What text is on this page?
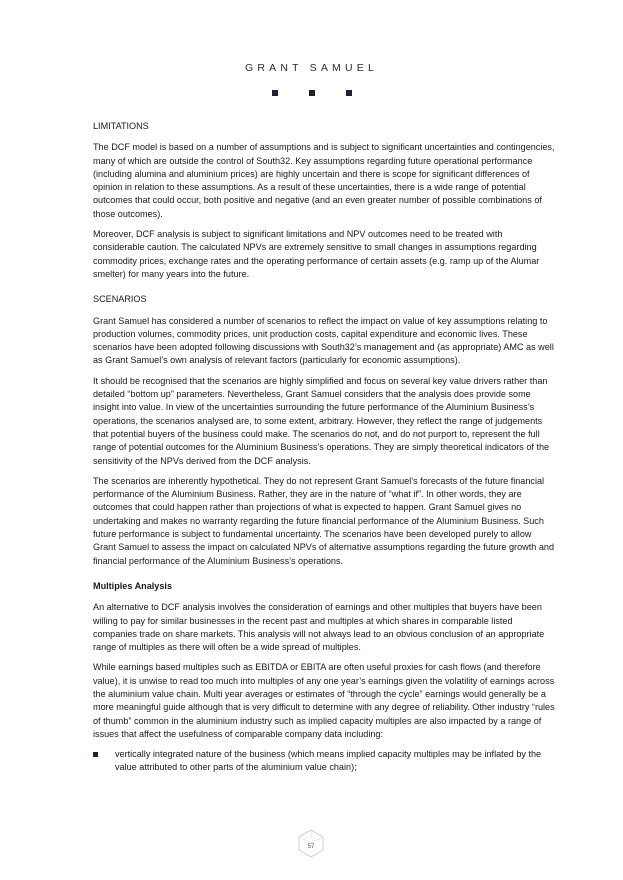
GRANT SAMUEL
LIMITATIONS

The DCF model is based on a number of assumptions and is subject to significant uncertainties and contingencies, many of which are outside the control of South32. Key assumptions regarding future operational performance (including alumina and aluminium prices) are highly uncertain and there is scope for significant differences of opinion in relation to these assumptions. As a result of these uncertainties, there is a wide range of potential outcomes that could occur, both positive and negative (and an even greater number of possible combinations of those outcomes).

Moreover, DCF analysis is subject to significant limitations and NPV outcomes need to be treated with considerable caution. The calculated NPVs are extremely sensitive to small changes in assumptions regarding commodity prices, exchange rates and the operating performance of certain assets (e.g. ramp up of the Alumar smelter) for many years into the future.

SCENARIOS

Grant Samuel has considered a number of scenarios to reflect the impact on value of key assumptions relating to production volumes, commodity prices, unit production costs, capital expenditure and economic lives. These scenarios have been adopted following discussions with South32’s management and (as appropriate) AMC as well as Grant Samuel’s own analysis of relevant factors (particularly for economic assumptions).

It should be recognised that the scenarios are highly simplified and focus on several key value drivers rather than detailed “bottom up” parameters. Nevertheless, Grant Samuel considers that the analysis does provide some insight into value. In view of the uncertainties surrounding the future performance of the Aluminium Business’s operations, the scenarios analysed are, to some extent, arbitrary. However, they reflect the range of judgements that potential buyers of the business could make. The scenarios do not, and do not purport to, represent the full range of potential outcomes for the Aluminium Business’s operations. They are simply theoretical indicators of the sensitivity of the NPVs derived from the DCF analysis.

The scenarios are inherently hypothetical. They do not represent Grant Samuel’s forecasts of the future financial performance of the Aluminium Business. Rather, they are in the nature of “what if”. In other words, they are outcomes that could happen rather than projections of what is expected to happen. Grant Samuel gives no undertaking and makes no warranty regarding the future financial performance of the Aluminium Business. Such future performance is subject to fundamental uncertainty. The scenarios have been developed purely to allow Grant Samuel to assess the impact on calculated NPVs of alternative assumptions regarding the future growth and financial performance of the Aluminium Business’s operations.

Multiples Analysis

An alternative to DCF analysis involves the consideration of earnings and other multiples that buyers have been willing to pay for similar businesses in the recent past and multiples at which shares in comparable listed companies trade on share markets. This analysis will not always lead to an obvious conclusion of an appropriate range of multiples as there will often be a wide spread of multiples.

While earnings based multiples such as EBITDA or EBITA are often useful proxies for cash flows (and therefore value), it is unwise to read too much into multiples of any one year’s earnings given the volatility of earnings across the aluminium value chain. Multi year averages or estimates of “through the cycle” earnings would generally be a more meaningful guide although that is very difficult to determine with any degree of reliability. Other industry “rules of thumb” common in the aluminium industry such as implied capacity multiples are also impacted by a range of issues that affect the usefulness of comparable company data including:

vertically integrated nature of the business (which means implied capacity multiples may be inflated by the value attributed to other parts of the aluminium value chain);
57
